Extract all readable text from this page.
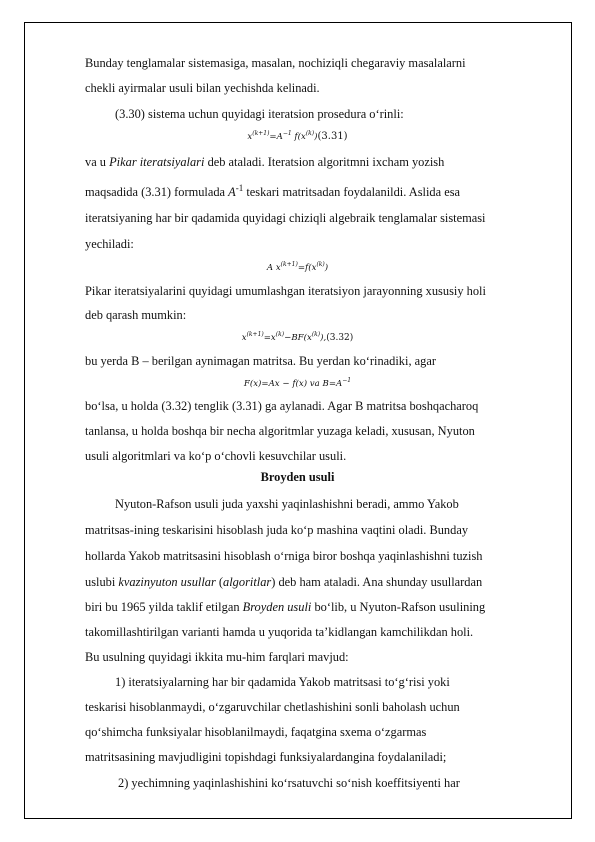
Bunday tenglamalar sistemasiga, masalan, nochiziqli chegaraviy masalalarni
chekli ayirmalar usuli bilan yechishda kelinadi.
(3.30) sistema uchun quyidagi iteratsion prosedura o‘rinli:
$x^{(k+1)}=A^{-1}$ $f(x^{(k)})(3.31)$
va u Pikar iteratsiyalari deb ataladi. Iteratsion algoritmni ixcham yozish
maqsadida (3.31) formulada $A^{-1}$ teskari matritsadan foydalanildi. Aslida esa
iteratsiyaning har bir qadamida quyidagi chiziqli algebraik tenglamalar sistemasi
yechiladi:
A $x^{(k+1)}=f(x^{(k)})$
Pikar iteratsiyalarini quyidagi umumlashgan iteratsiyon jarayonning xususiy holi
deb qarash mumkin:
$x^{(k+1)}=x^{(k)}-BF(x^{(k)}),(3.32)$
bu yerda B – berilgan aynimagan matritsa. Bu yerdan ko‘rinadiki, agar
F(x)=Ax − f(x) va $B=A^{-1}$
bo‘lsa, u holda (3.32) tenglik (3.31) ga aylanadi. Agar B matritsa boshqacharoq
tanlansa, u holda boshqa bir necha algoritmlar yuzaga keladi, xususan, Nyuton
usuli algoritmlari va ko‘p o‘chovli kesuvchilar usuli.
Broyden usuli
Nyuton-Rafson usuli juda yaxshi yaqinlashishni beradi, ammo Yakob
matritsas-ining teskarisini hisoblash juda ko‘p mashina vaqtini oladi. Bunday
hollarda Yakob matritsasini hisoblash o‘rniga biror boshqa yaqinlashishni tuzish
uslubi kvazinyuton usullar (algoritlar) deb ham ataladi. Ana shunday usullardan
biri bu 1965 yilda taklif etilgan Broyden usuli bo‘lib, u Nyuton-Rafson usulining
takomillashtirilgan varianti hamda u yuqorida ta’kidlangan kamchilikdan holi.
Bu usulning quyidagi ikkita mu-him farqlari mavjud:
1) iteratsiyalarning har bir qadamida Yakob matritsasi to‘g‘risi yoki
teskarisi hisoblanmaydi, o‘zgaruvchilar chetlashishini sonli baholash uchun
qo‘shimcha funksiyalar hisoblanilmaydi, faqatgina sxema o‘zgarmas
matritsasining mavjudligini topishdagi funksiyalardangina foydalaniladi;
2) yechimning yaqinlashishini ko‘rsatuvchi so‘nish koeffitsiyenti har
